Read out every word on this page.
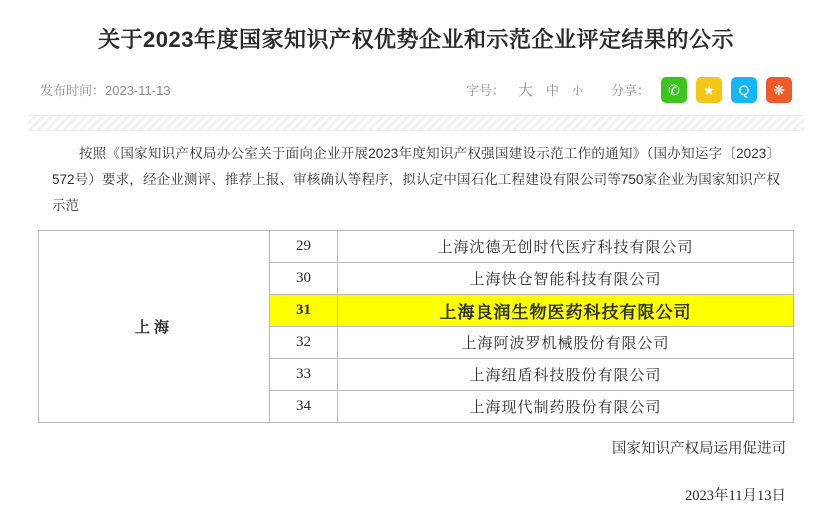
关于2023年度国家知识产权优势企业和示范企业评定结果的公示
发布时间：2023-11-13	字号： 大 中 小 分享：	✆	★	Q	❋
按照《国家知识产权局办公室关于面向企业开展2023年度知识产权强国建设示范工作的通知》（国办知运字〔2023〕572号）要求，经企业测评、推荐上报、审核确认等程序，拟认定中国石化工程建设有限公司等750家企业为国家知识产权示范
上海	29	上海沈德无创时代医疗科技有限公司
	30	上海快仓智能科技有限公司
	31	上海良润生物医药科技有限公司
	32	上海阿波罗机械股份有限公司
	33	上海纽盾科技股份有限公司
	34	上海现代制药股份有限公司
国家知识产权局运用促进司
2023年11月13日
